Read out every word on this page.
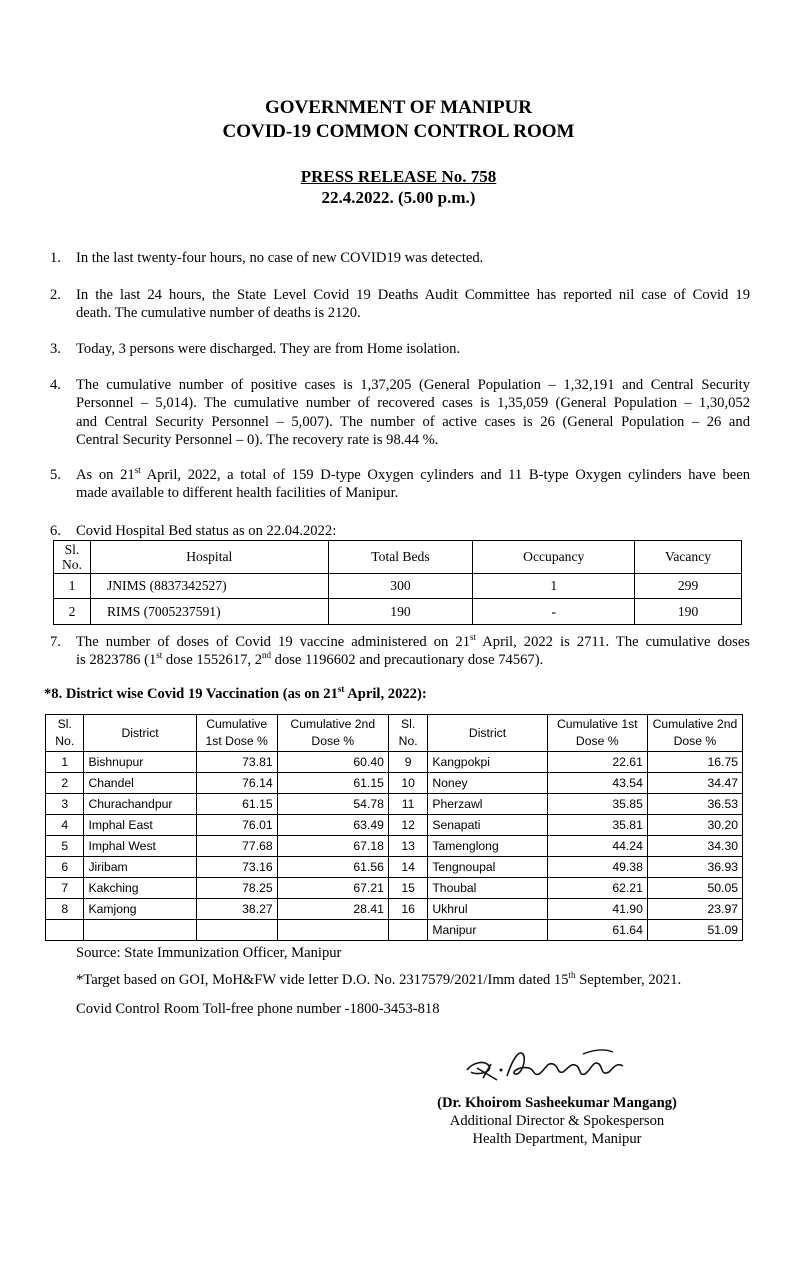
GOVERNMENT OF MANIPUR
COVID-19 COMMON CONTROL ROOM
PRESS RELEASE No. 758
22.4.2022. (5.00 p.m.)
1. In the last twenty-four hours, no case of new COVID19 was detected.
2. In the last 24 hours, the State Level Covid 19 Deaths Audit Committee has reported nil case of Covid 19
death. The cumulative number of deaths is 2120.
3. Today, 3 persons were discharged. They are from Home isolation.
4. The cumulative number of positive cases is 1,37,205 (General Population – 1,32,191 and Central Security
Personnel – 5,014). The cumulative number of recovered cases is 1,35,059 (General Population – 1,30,052
and Central Security Personnel – 5,007). The number of active cases is 26 (General Population – 26 and
Central Security Personnel – 0). The recovery rate is 98.44 %.
5. As on 21st April, 2022, a total of 159 D-type Oxygen cylinders and 11 B-type Oxygen cylinders have been
made available to different health facilities of Manipur.
6. Covid Hospital Bed status as on 22.04.2022:
Sl. No.	Hospital	Total Beds	Occupancy	Vacancy
1	JNIMS (8837342527)	300	1	299
2	RIMS (7005237591)	190	-	190
7. The number of doses of Covid 19 vaccine administered on 21st April, 2022 is 2711. The cumulative doses
is 2823786 (1st dose 1552617, 2nd dose 1196602 and precautionary dose 74567).
*8. District wise Covid 19 Vaccination (as on 21st April, 2022):
Sl. No.	District	Cumulative 1st Dose %	Cumulative 2nd Dose %	Sl. No.	District	Cumulative 1st Dose %	Cumulative 2nd Dose %
1	Bishnupur	73.81	60.40	9	Kangpokpi	22.61	16.75
2	Chandel	76.14	61.15	10	Noney	43.54	34.47
3	Churachandpur	61.15	54.78	11	Pherzawl	35.85	36.53
4	Imphal East	76.01	63.49	12	Senapati	35.81	30.20
5	Imphal West	77.68	67.18	13	Tamenglong	44.24	34.30
6	Jiribam	73.16	61.56	14	Tengnoupal	49.38	36.93
7	Kakching	78.25	67.21	15	Thoubal	62.21	50.05
8	Kamjong	38.27	28.41	16	Ukhrul	41.90	23.97
					Manipur	61.64	51.09
Source: State Immunization Officer, Manipur
*Target based on GOI, MoH&FW vide letter D.O. No. 2317579/2021/Imm dated 15th September, 2021.
Covid Control Room Toll-free phone number -1800-3453-818
(Dr. Khoirom Sasheekumar Mangang)
Additional Director & Spokesperson
Health Department, Manipur
